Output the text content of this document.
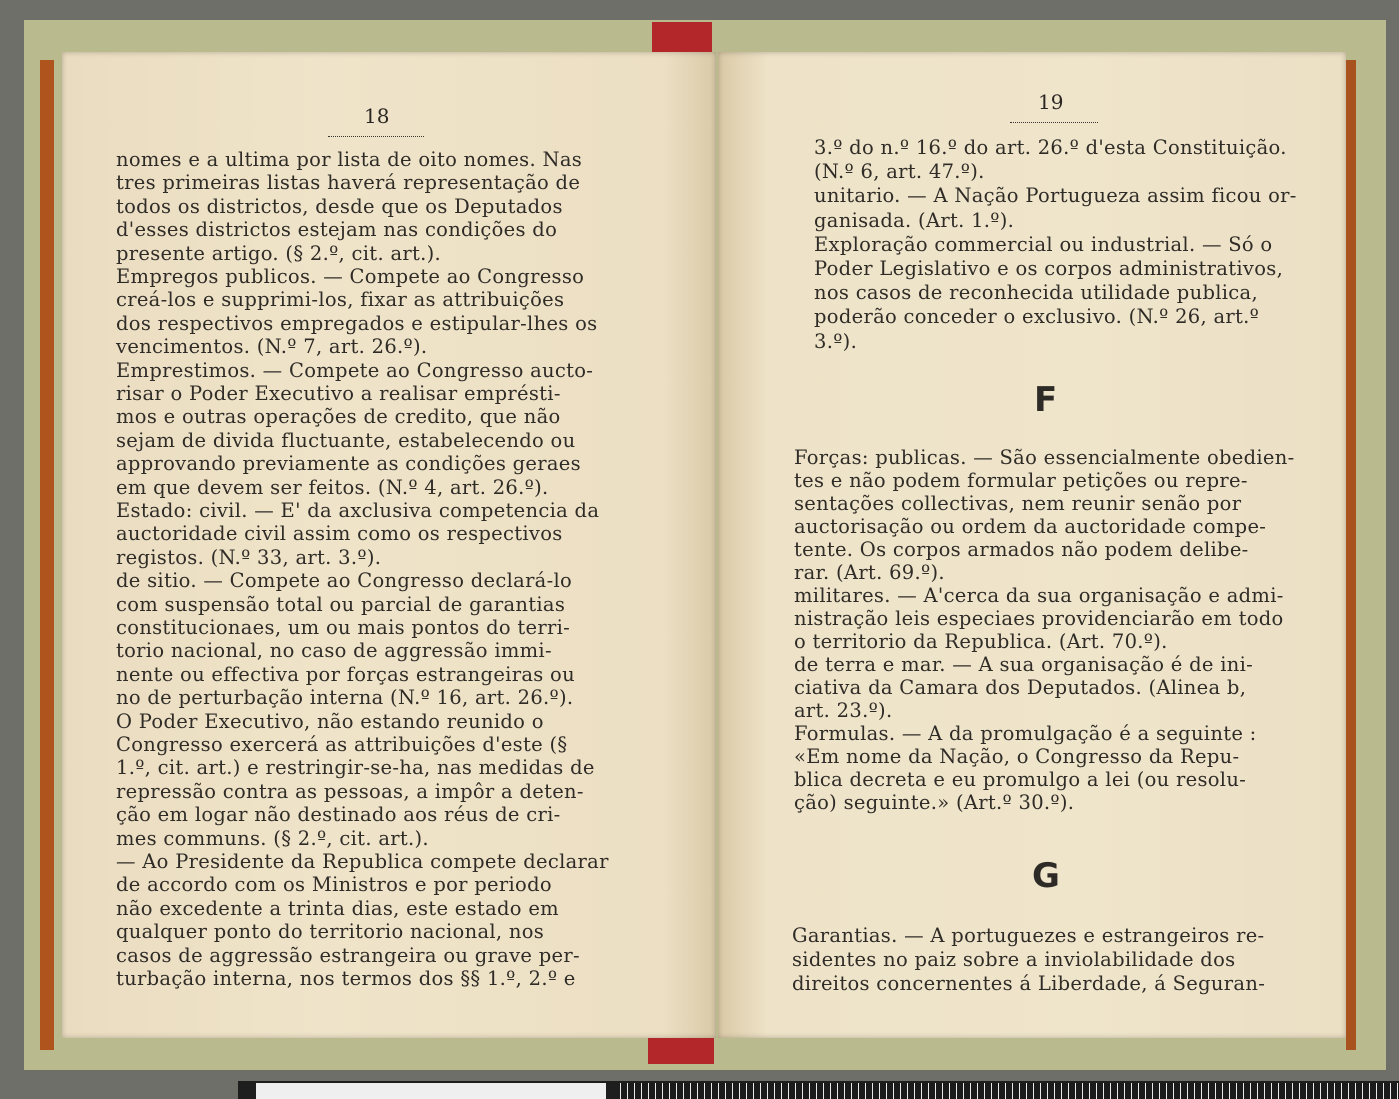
18
nomes e a ultima por lista de oito nomes. Nas
tres primeiras listas haverá representação de
todos os districtos, desde que os Deputados
d'esses districtos estejam nas condições do
presente artigo. (§ 2.º, cit. art.).
Empregos publicos. — Compete ao Congresso
creá-los e supprimi-los, fixar as attribuições
dos respectivos empregados e estipular-lhes os
vencimentos. (N.º 7, art. 26.º).
Emprestimos. — Compete ao Congresso aucto-
risar o Poder Executivo a realisar emprésti-
mos e outras operações de credito, que não
sejam de divida fluctuante, estabelecendo ou
approvando previamente as condições geraes
em que devem ser feitos. (N.º 4, art. 26.º).
Estado: civil. — E' da axclusiva competencia da
auctoridade civil assim como os respectivos
registos. (N.º 33, art. 3.º).
de sitio. — Compete ao Congresso declará-lo
com suspensão total ou parcial de garantias
constitucionaes, um ou mais pontos do terri-
torio nacional, no caso de aggressão immi-
nente ou effectiva por forças estrangeiras ou
no de perturbação interna (N.º 16, art. 26.º).
O Poder Executivo, não estando reunido o
Congresso exercerá as attribuições d'este (§
1.º, cit. art.) e restringir-se-ha, nas medidas de
repressão contra as pessoas, a impôr a deten-
ção em logar não destinado aos réus de cri-
mes communs. (§ 2.º, cit. art.).
— Ao Presidente da Republica compete declarar
de accordo com os Ministros e por periodo
não excedente a trinta dias, este estado em
qualquer ponto do territorio nacional, nos
casos de aggressão estrangeira ou grave per-
turbação interna, nos termos dos §§ 1.º, 2.º e
19
3.º do n.º 16.º do art. 26.º d'esta Constituição.
(N.º 6, art. 47.º).
unitario. — A Nação Portugueza assim ficou or-
ganisada. (Art. 1.º).
Exploração commercial ou industrial. — Só o
Poder Legislativo e os corpos administrativos,
nos casos de reconhecida utilidade publica,
poderão conceder o exclusivo. (N.º 26, art.º
3.º).
F
Forças: publicas. — São essencialmente obedien-
tes e não podem formular petições ou repre-
sentações collectivas, nem reunir senão por
auctorisação ou ordem da auctoridade compe-
tente. Os corpos armados não podem delibe-
rar. (Art. 69.º).
militares. — A'cerca da sua organisação e admi-
nistração leis especiaes providenciarão em todo
o territorio da Republica. (Art. 70.º).
de terra e mar. — A sua organisação é de ini-
ciativa da Camara dos Deputados. (Alinea b,
art. 23.º).
Formulas. — A da promulgação é a seguinte :
«Em nome da Nação, o Congresso da Repu-
blica decreta e eu promulgo a lei (ou resolu-
ção) seguinte.» (Art.º 30.º).
G
Garantias. — A portuguezes e estrangeiros re-
sidentes no paiz sobre a inviolabilidade dos
direitos concernentes á Liberdade, á Seguran-
